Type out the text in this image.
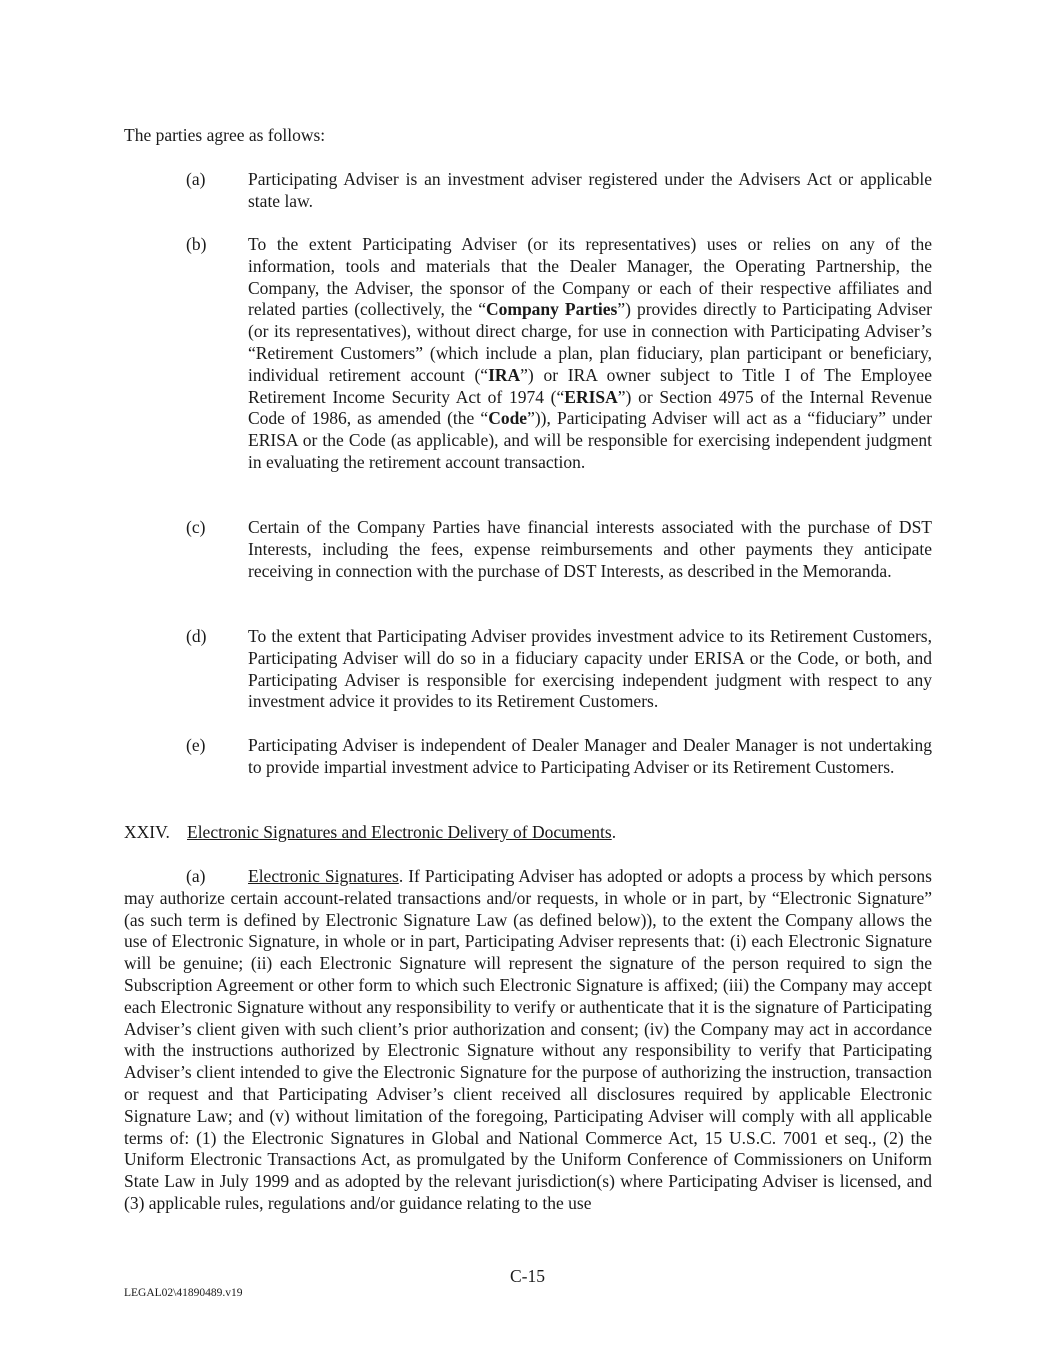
The parties agree as follows:

(a) Participating Adviser is an investment adviser registered under the Advisers Act or applicable state law.
(b) To the extent Participating Adviser (or its representatives) uses or relies on any of the information, tools and materials that the Dealer Manager, the Operating Partnership, the Company, the Adviser, the sponsor of the Company or each of their respective affiliates and related parties (collectively, the “Company Parties”) provides directly to Participating Adviser (or its representatives), without direct charge, for use in connection with Participating Adviser’s “Retirement Customers” (which include a plan, plan fiduciary, plan participant or beneficiary, individual retirement account (“IRA”) or IRA owner subject to Title I of The Employee Retirement Income Security Act of 1974 (“ERISA”) or Section 4975 of the Internal Revenue Code of 1986, as amended (the “Code”)), Participating Adviser will act as a “fiduciary” under ERISA or the Code (as applicable), and will be responsible for exercising independent judgment in evaluating the retirement account transaction.
(c) Certain of the Company Parties have financial interests associated with the purchase of DST Interests, including the fees, expense reimbursements and other payments they anticipate receiving in connection with the purchase of DST Interests, as described in the Memoranda.
(d) To the extent that Participating Adviser provides investment advice to its Retirement Customers, Participating Adviser will do so in a fiduciary capacity under ERISA or the Code, or both, and Participating Adviser is responsible for exercising independent judgment with respect to any investment advice it provides to its Retirement Customers.
(e) Participating Adviser is independent of Dealer Manager and Dealer Manager is not undertaking to provide impartial investment advice to Participating Adviser or its Retirement Customers.

XXIV. Electronic Signatures and Electronic Delivery of Documents.

(a) Electronic Signatures. If Participating Adviser has adopted or adopts a process by which persons may authorize certain account-related transactions and/or requests, in whole or in part, by “Electronic Signature” (as such term is defined by Electronic Signature Law (as defined below)), to the extent the Company allows the use of Electronic Signature, in whole or in part, Participating Adviser represents that: (i) each Electronic Signature will be genuine; (ii) each Electronic Signature will represent the signature of the person required to sign the Subscription Agreement or other form to which such Electronic Signature is affixed; (iii) the Company may accept each Electronic Signature without any responsibility to verify or authenticate that it is the signature of Participating Adviser’s client given with such client’s prior authorization and consent; (iv) the Company may act in accordance with the instructions authorized by Electronic Signature without any responsibility to verify that Participating Adviser’s client intended to give the Electronic Signature for the purpose of authorizing the instruction, transaction or request and that Participating Adviser’s client received all disclosures required by applicable Electronic Signature Law; and (v) without limitation of the foregoing, Participating Adviser will comply with all applicable terms of: (1) the Electronic Signatures in Global and National Commerce Act, 15 U.S.C. 7001 et seq., (2) the Uniform Electronic Transactions Act, as promulgated by the Uniform Conference of Commissioners on Uniform State Law in July 1999 and as adopted by the relevant jurisdiction(s) where Participating Adviser is licensed, and (3) applicable rules, regulations and/or guidance relating to the use

C-15
LEGAL02\41890489.v19
